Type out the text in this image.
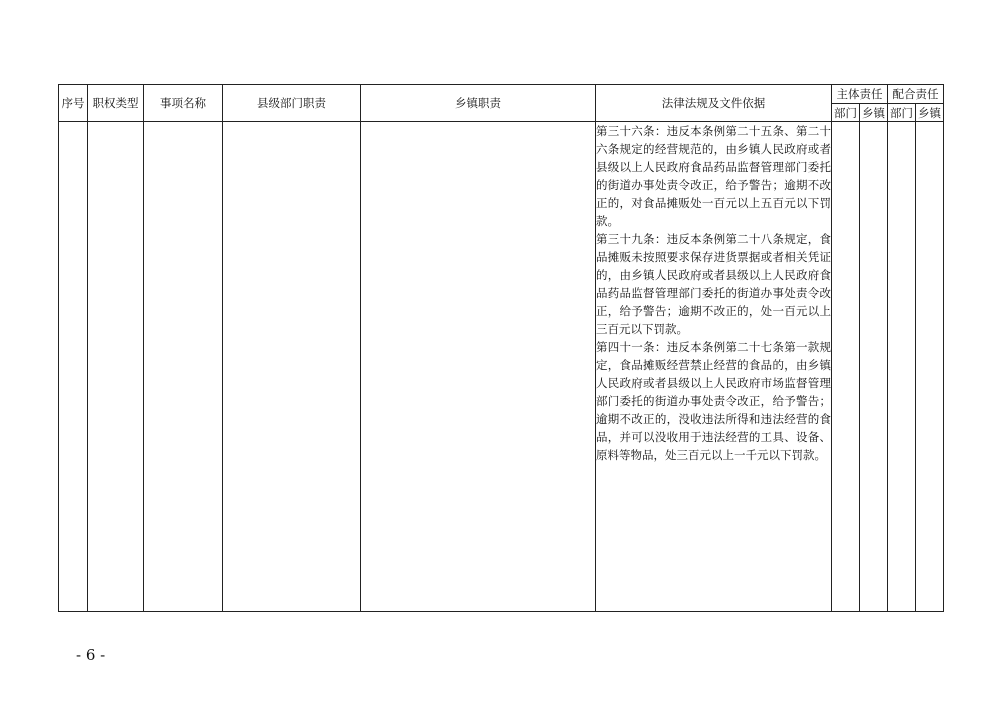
序号	职权类型	事项名称	县级部门职责	乡镇职责	法律法规及文件依据	主体责任		配合责任	
						部门	乡镇	部门	乡镇

					第三十六条：违反本条例第二十五条、第二十六条规定的经营规范的，由乡镇人民政府或者县级以上人民政府食品药品监督管理部门委托的街道办事处责令改正，给予警告；逾期不改正的，对食品摊贩处一百元以上五百元以下罚款。

第三十九条：违反本条例第二十八条规定，食品摊贩未按照要求保存进货票据或者相关凭证的，由乡镇人民政府或者县级以上人民政府食品药品监督管理部门委托的街道办事处责令改正，给予警告；逾期不改正的，处一百元以上三百元以下罚款。

第四十一条：违反本条例第二十七条第一款规定，食品摊贩经营禁止经营的食品的，由乡镇人民政府或者县级以上人民政府市场监督管理部门委托的街道办事处责令改正，给予警告；逾期不改正的，没收违法所得和违法经营的食品，并可以没收用于违法经营的工具、设备、原料等物品，处三百元以上一千元以下罚款。				

- 6 -
